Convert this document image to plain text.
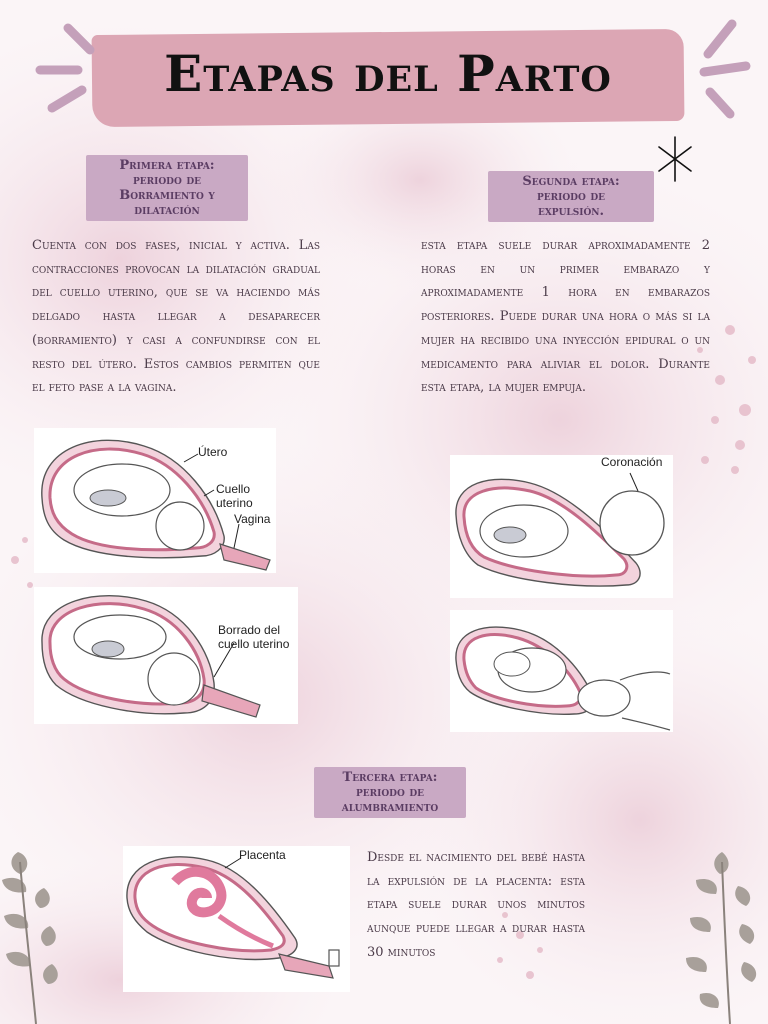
Etapas del Parto
Primera etapa:
periodo de
Borramiento y
dilatación
Cuenta con dos fases, inicial y activa. Las contracciones provocan la dilatación gradual del cuello uterino, que se va haciendo más delgado hasta llegar a desaparecer (borramiento) y casi a confundirse con el resto del útero. Estos cambios permiten que el feto pase a la vagina.
Segunda etapa:
periodo de
expulsión.
esta etapa suele durar aproximadamente 2 horas en un primer embarazo y aproximadamente 1 hora en embarazos posteriores. Puede durar una hora o más si la mujer ha recibido una inyección epidural o un medicamento para aliviar el dolor. Durante esta etapa, la mujer empuja.
Útero
Cuello uterino
Vagina
Borrado del
cuello uterino
Coronación
Tercera etapa:
periodo de
alumbramiento
Placenta	Desde el nacimiento del bebé hasta la expulsión de la placenta: esta etapa suele durar unos minutos aunque puede llegar a durar hasta 30 minutos
